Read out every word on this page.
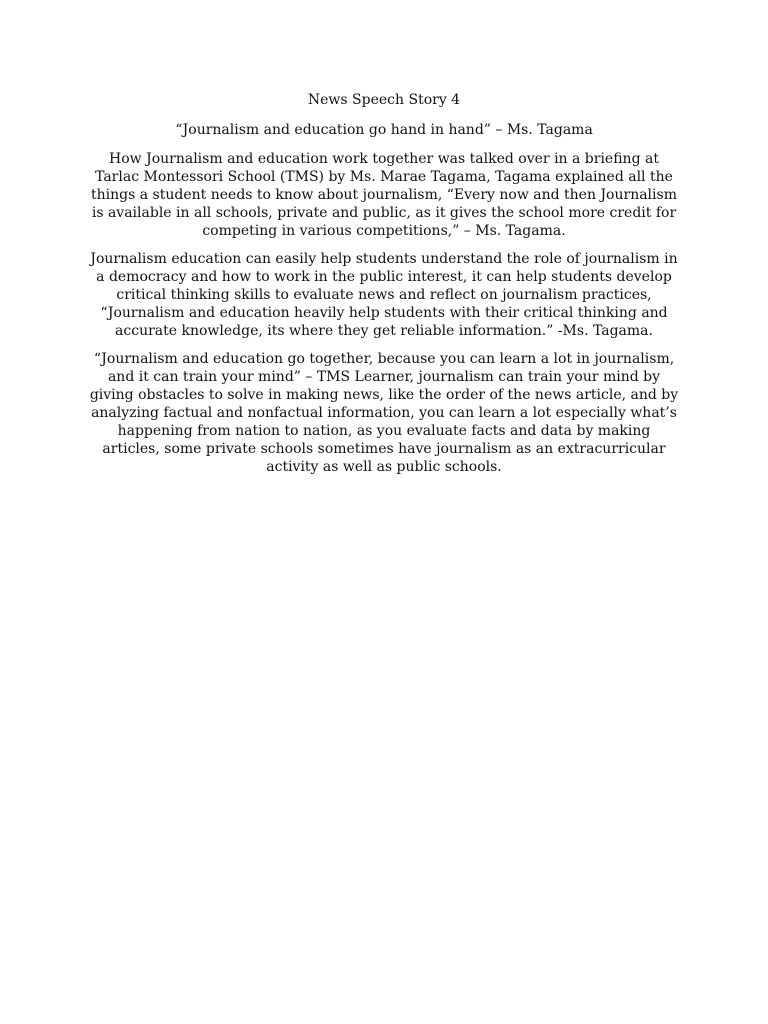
News Speech Story 4

“Journalism and education go hand in hand” – Ms. Tagama

How Journalism and education work together was talked over in a briefing at Tarlac Montessori School (TMS) by Ms. Marae Tagama, Tagama explained all the things a student needs to know about journalism, “Every now and then Journalism is available in all schools, private and public, as it gives the school more credit for competing in various competitions,” – Ms. Tagama.

Journalism education can easily help students understand the role of journalism in a democracy and how to work in the public interest, it can help students develop critical thinking skills to evaluate news and reflect on journalism practices, “Journalism and education heavily help students with their critical thinking and accurate knowledge, its where they get reliable information.” -Ms. Tagama.

“Journalism and education go together, because you can learn a lot in journalism, and it can train your mind” – TMS Learner, journalism can train your mind by giving obstacles to solve in making news, like the order of the news article, and by analyzing factual and nonfactual information, you can learn a lot especially what’s happening from nation to nation, as you evaluate facts and data by making articles, some private schools sometimes have journalism as an extracurricular activity as well as public schools.
